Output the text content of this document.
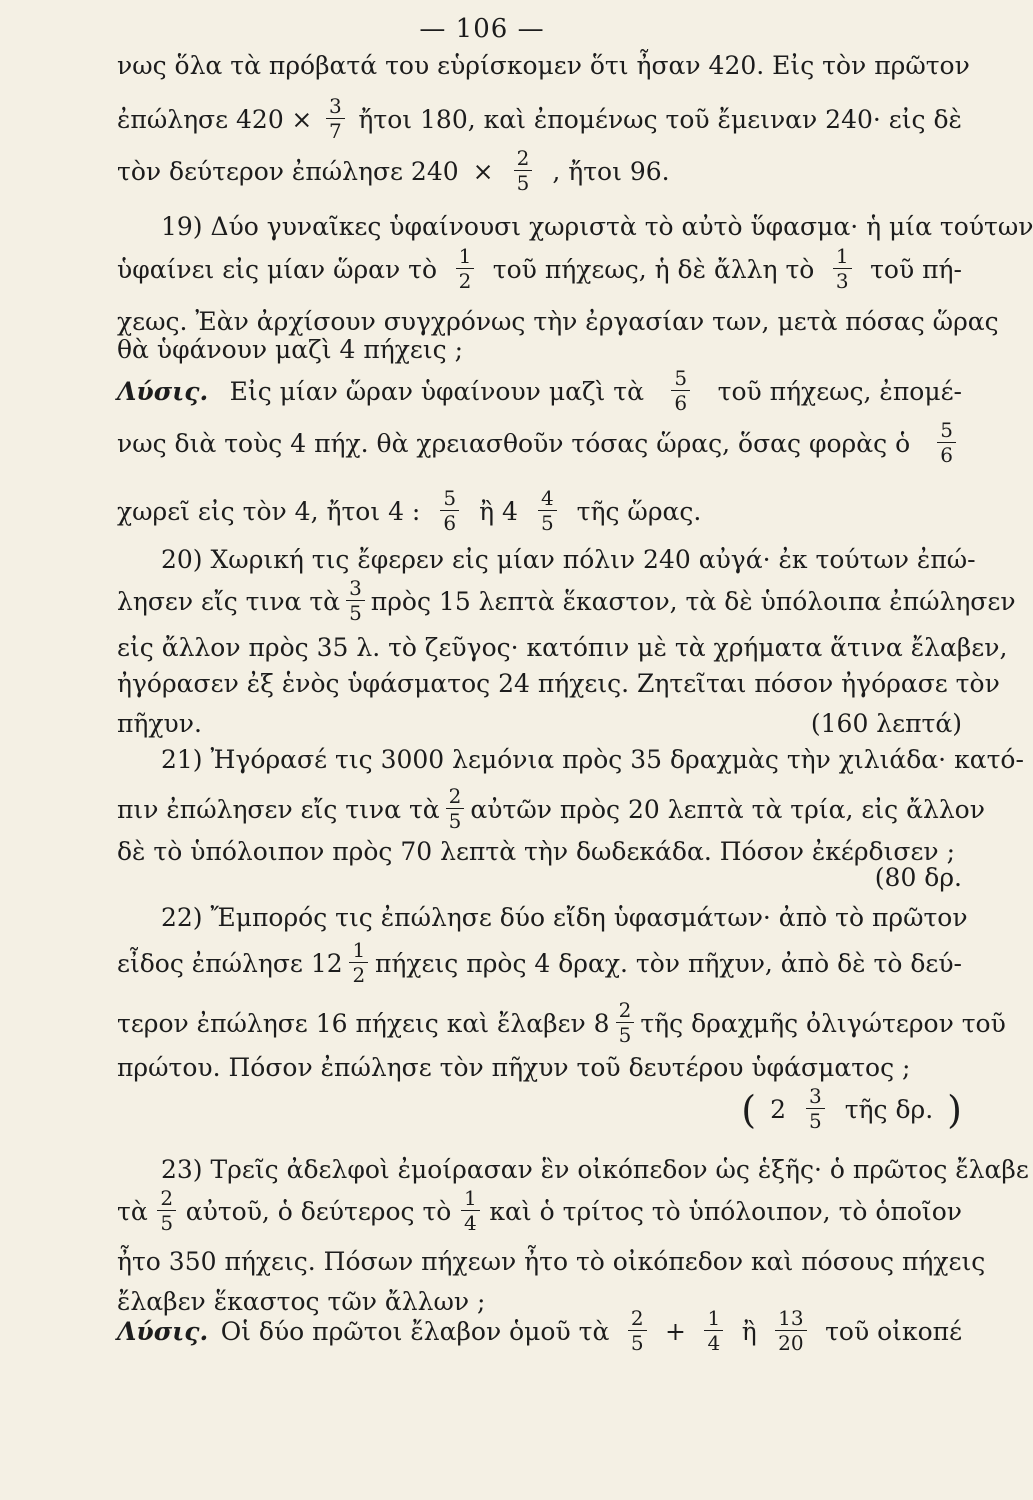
— 106 —
νως ὅλα τὰ πρόβατά του εὑρίσκομεν ὅτι ἦσαν 420. Εἰς τὸν πρῶτον
ἐπώλησε $420 \times \frac{3}{7}$ ἤτοι 180, καὶ ἐπομένως τοῦ ἔμειναν 240· εἰς δὲ
τὸν δεύτερον ἐπώλησε $240 \times \frac{2}{5}$ , ἤτοι 96.
19) Δύο γυναῖκες ὑφαίνουσι χωριστὰ τὸ αὐτὸ ὕφασμα· ἡ μία τούτων
ὑφαίνει εἰς μίαν ὥραν τὸ $\frac{1}{2}$ τοῦ πήχεως, ἡ δὲ ἄλλη τὸ $\frac{1}{3}$ τοῦ πή-
χεως. Ἐὰν ἀρχίσουν συγχρόνως τὴν ἐργασίαν των, μετὰ πόσας ὥρας
θὰ ὑφάνουν μαζὶ 4 πήχεις ;
Λύσις. Εἰς μίαν ὥραν ὑφαίνουν μαζὶ τὰ $\frac{5}{6}$ τοῦ πήχεως, ἐπομέ-
νως διὰ τοὺς 4 πήχ. θὰ χρειασθοῦν τόσας ὥρας, ὅσας φορὰς ὁ $\frac{5}{6}$
χωρεῖ εἰς τὸν 4, ἤτοι 4 : $\frac{5}{6}$ ἢ $4 \frac{4}{5}$ τῆς ὥρας.
20) Χωρική τις ἔφερεν εἰς μίαν πόλιν 240 αὐγά· ἐκ τούτων ἐπώ-
λησεν εἴς τινα τὰ $\frac{3}{5}$ πρὸς 15 λεπτὰ ἕκαστον, τὰ δὲ ὑπόλοιπα ἐπώλησεν
εἰς ἄλλον πρὸς 35 λ. τὸ ζεῦγος· κατόπιν μὲ τὰ χρήματα ἅτινα ἔλαβεν,
ἠγόρασεν ἐξ ἑνὸς ὑφάσματος 24 πήχεις. Ζητεῖται πόσον ἠγόρασε τὸν
πῆχυν.	(160 λεπτά)
21) Ἠγόρασέ τις 3000 λεμόνια πρὸς 35 δραχμὰς τὴν χιλιάδα· κατό-
πιν ἐπώλησεν εἴς τινα τὰ $\frac{2}{5}$ αὐτῶν πρὸς 20 λεπτὰ τὰ τρία, εἰς ἄλλον
δὲ τὸ ὑπόλοιπον πρὸς 70 λεπτὰ τὴν δωδεκάδα. Πόσον ἐκέρδισεν ;
(80 δρ.
22) Ἔμπορός τις ἐπώλησε δύο εἴδη ὑφασμάτων· ἀπὸ τὸ πρῶτον
εἶδος ἐπώλησε $12 \frac{1}{2}$ πήχεις πρὸς 4 δραχ. τὸν πῆχυν, ἀπὸ δὲ τὸ δεύ-
τερον ἐπώλησε 16 πήχεις καὶ ἔλαβεν $8 \frac{2}{5}$ τῆς δραχμῆς ὀλιγώτερον τοῦ
πρώτου. Πόσον ἐπώλησε τὸν πῆχυν τοῦ δευτέρου ὑφάσματος ;
( $2 \frac{3}{5}$ τῆς δρ. )
23) Τρεῖς ἀδελφοὶ ἐμοίρασαν ἓν οἰκόπεδον ὡς ἑξῆς· ὁ πρῶτος ἔλαβε
τὰ $\frac{2}{5}$ αὐτοῦ, ὁ δεύτερος τὸ $\frac{1}{4}$ καὶ ὁ τρίτος τὸ ὑπόλοιπον, τὸ ὁποῖον
ἦτο 350 πήχεις. Πόσων πήχεων ἦτο τὸ οἰκόπεδον καὶ πόσους πήχεις
ἔλαβεν ἕκαστος τῶν ἄλλων ;
Λύσις. Οἱ δύο πρῶτοι ἔλαβον ὁμοῦ τὰ $\frac{2}{5} + \frac{1}{4}$ ἢ $\frac{13}{20}$ τοῦ οἰκοπέ
